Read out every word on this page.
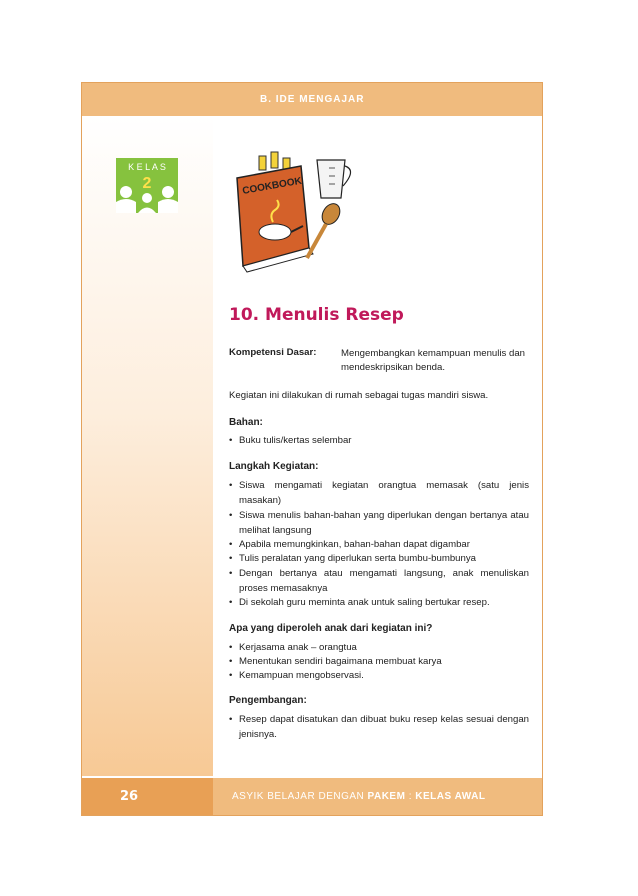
B. IDE MENGAJAR
K E L A S
2	COOKBOOK
10. Menulis Resep
Kompetensi Dasar:	Mengembangkan kemampuan menulis dan mendeskripsikan benda.
Kegiatan ini dilakukan di rumah sebagai tugas mandiri siswa.
Bahan:
• Buku tulis/kertas selembar
Langkah Kegiatan:
• Siswa mengamati kegiatan orangtua memasak (satu jenis masakan)
• Siswa menulis bahan-bahan yang diperlukan dengan bertanya atau melihat langsung
• Apabila memungkinkan, bahan-bahan dapat digambar
• Tulis peralatan yang diperlukan serta bumbu-bumbunya
• Dengan bertanya atau mengamati langsung, anak menuliskan proses memasaknya
• Di sekolah guru meminta anak untuk saling bertukar resep.
Apa yang diperoleh anak dari kegiatan ini?
• Kerjasama anak – orangtua
• Menentukan sendiri bagaimana membuat karya
• Kemampuan mengobservasi.
Pengembangan:
• Resep dapat disatukan dan dibuat buku resep kelas sesuai dengan jenisnya.
26	ASYIK BELAJAR DENGAN PAKEM : KELAS AWAL
